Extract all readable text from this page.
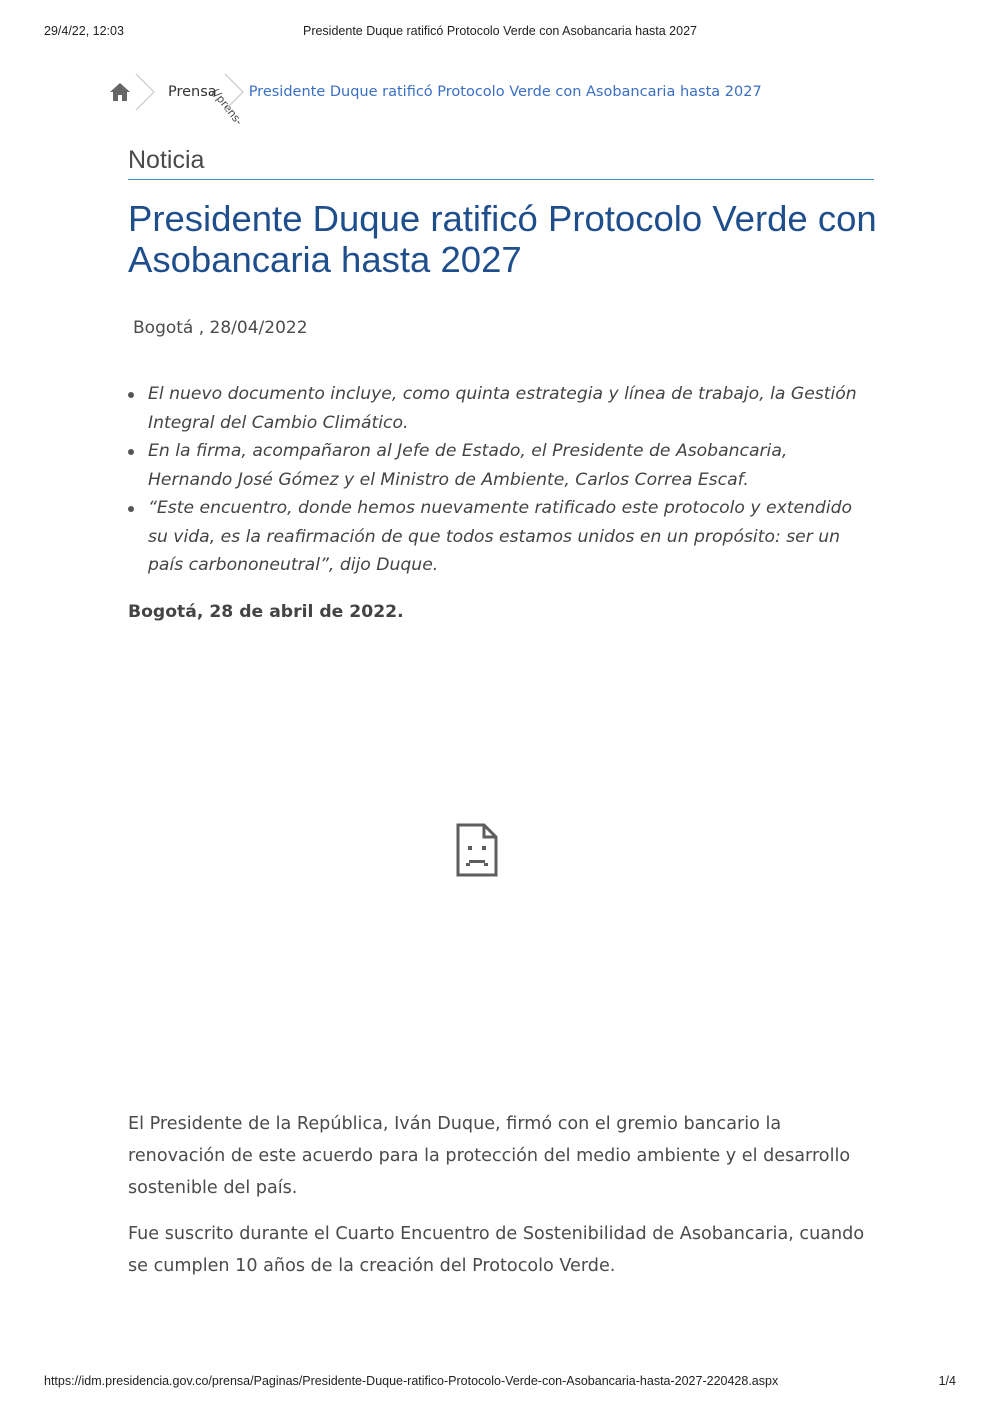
29/4/22, 12:03	Presidente Duque ratificó Protocolo Verde con Asobancaria hasta 2027
Prensa
(/prens- Presidente Duque ratificó Protocolo Verde con Asobancaria hasta 2027
Noticia
Presidente Duque ratificó Protocolo Verde con Asobancaria hasta 2027
Bogotá , 28/04/2022
El nuevo documento incluye, como quinta estrategia y línea de trabajo, la Gestión Integral del Cambio Climático.
En la firma, acompañaron al Jefe de Estado, el Presidente de Asobancaria, Hernando José Gómez y el Ministro de Ambiente, Carlos Correa Escaf.
“Este encuentro, donde hemos nuevamente ratificado este protocolo y extendido su vida, es la reafirmación de que todos estamos unidos en un propósito: ser un país carbononeutral”, dijo Duque.
Bogotá, 28 de abril de 2022.

El Presidente de la República, Iván Duque, firmó con el gremio bancario la renovación de este acuerdo para la protección del medio ambiente y el desarrollo sostenible del país.

Fue suscrito durante el Cuarto Encuentro de Sostenibilidad de Asobancaria, cuando se cumplen 10 años de la creación del Protocolo Verde.

https://idm.presidencia.gov.co/prensa/Paginas/Presidente-Duque-ratifico-Protocolo-Verde-con-Asobancaria-hasta-2027-220428.aspx	1/4
